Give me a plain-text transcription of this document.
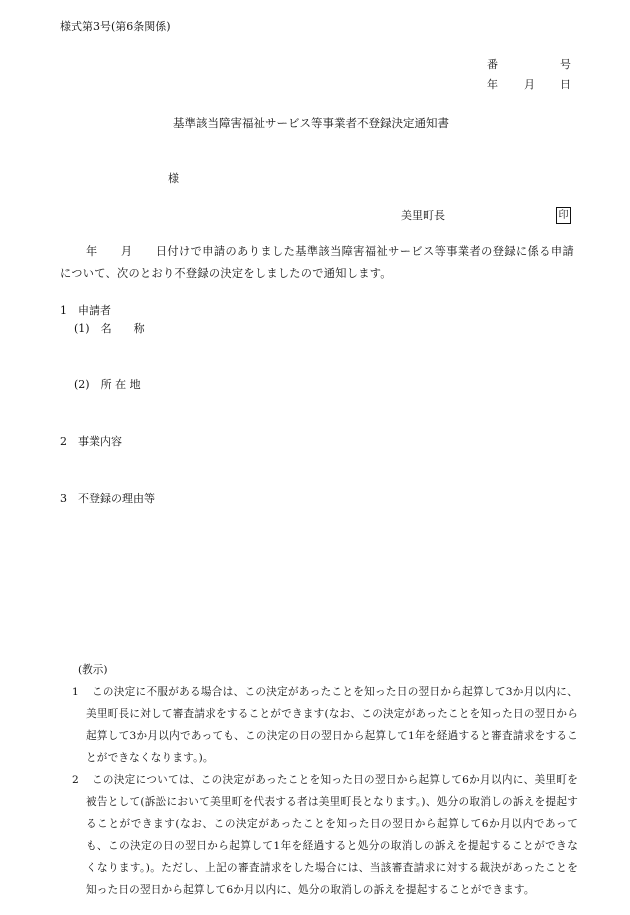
様式第3号(第6条関係)
番	号
年 月 日
基準該当障害福祉サービス等事業者不登録決定通知書
様
美里町長	印
年　　月　　日付けで申請のありました基準該当障害福祉サービス等事業者の登録に係る申請について、次のとおり不登録の決定をしましたので通知します。
1　申請者
(1)　名　　称
(2)　所 在 地
2　事業内容
3　不登録の理由等
(教示)
1 この決定に不服がある場合は、この決定があったことを知った日の翌日から起算して3か月以内に、美里町長に対して審査請求をすることができます(なお、この決定があったことを知った日の翌日から起算して3か月以内であっても、この決定の日の翌日から起算して1年を経過すると審査請求をすることができなくなります。)。
2 この決定については、この決定があったことを知った日の翌日から起算して6か月以内に、美里町を被告として(訴訟において美里町を代表する者は美里町長となります。)、処分の取消しの訴えを提起することができます(なお、この決定があったことを知った日の翌日から起算して6か月以内であっても、この決定の日の翌日から起算して1年を経過すると処分の取消しの訴えを提起することができなくなります。)。ただし、上記の審査請求をした場合には、当該審査請求に対する裁決があったことを知った日の翌日から起算して6か月以内に、処分の取消しの訴えを提起することができます。
